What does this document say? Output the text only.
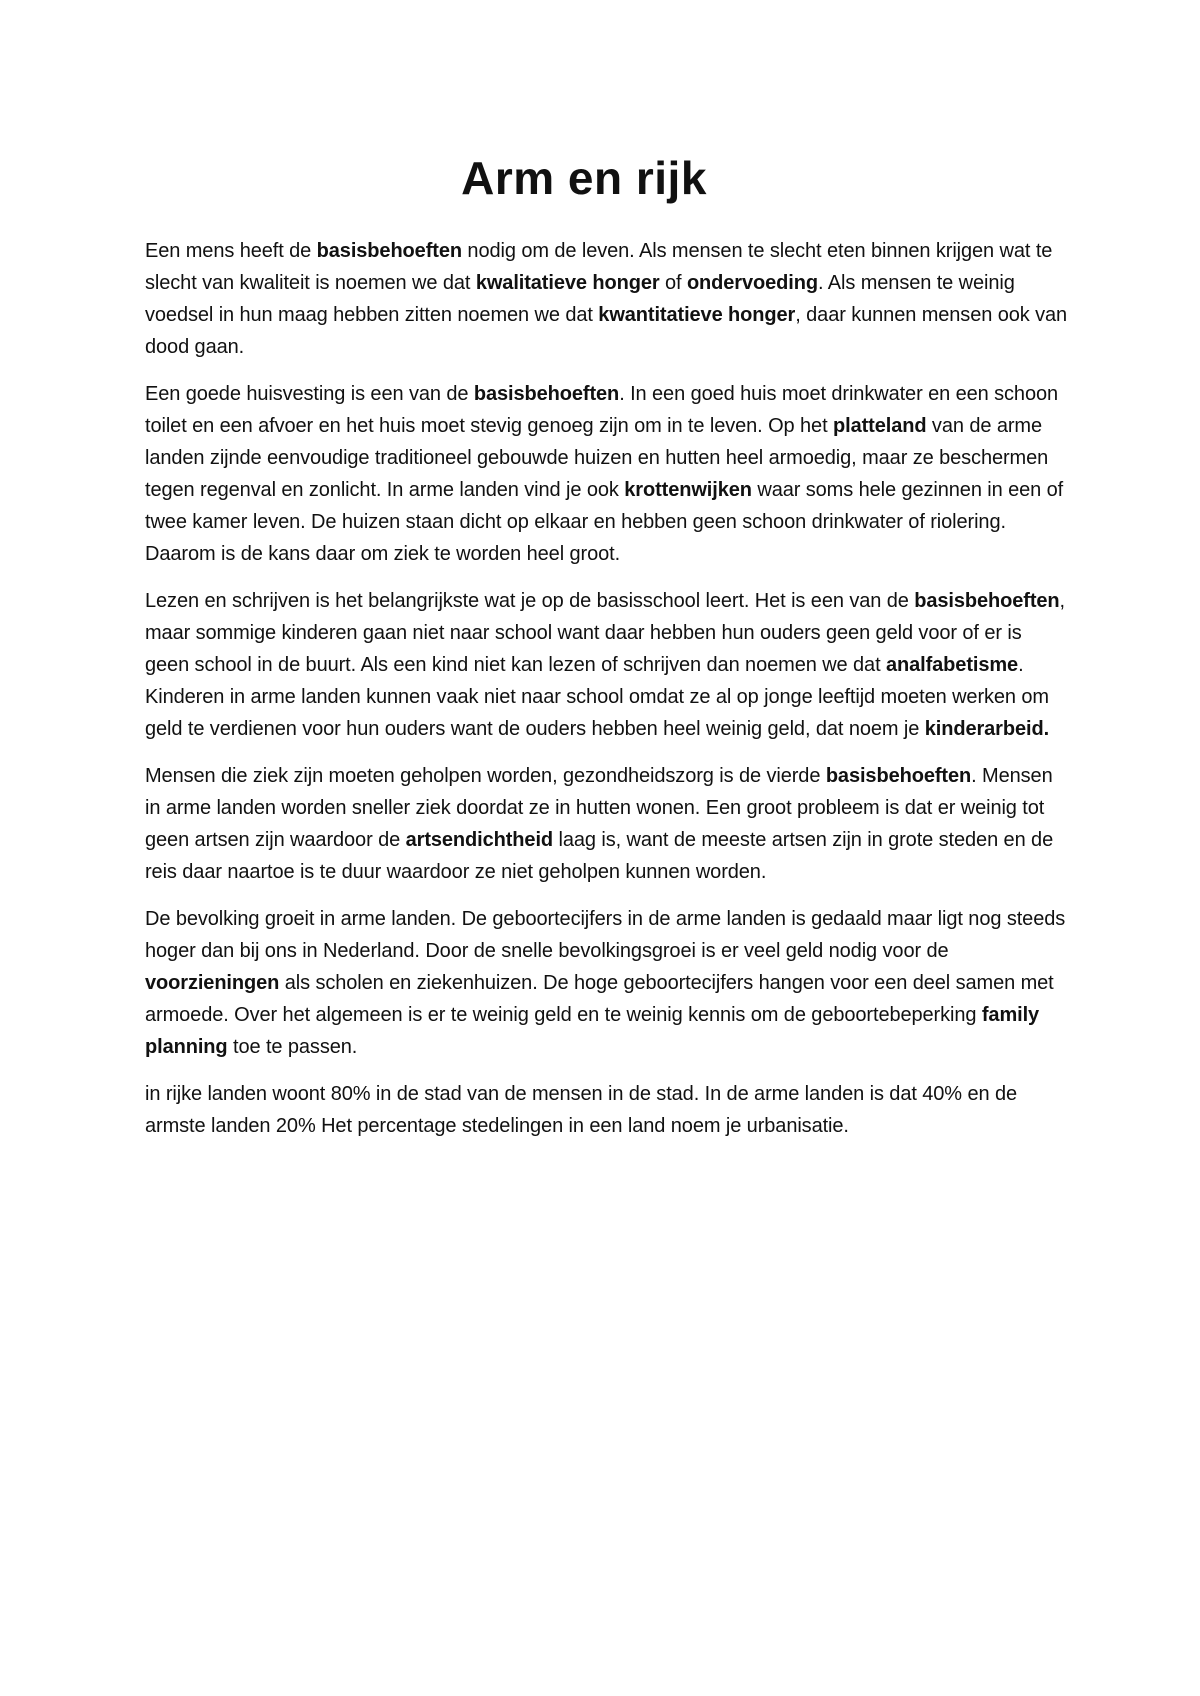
Arm en rijk

Een mens heeft de basisbehoeften nodig om de leven. Als mensen te slecht eten binnen krijgen wat te slecht van kwaliteit is noemen we dat kwalitatieve honger of ondervoeding. Als mensen te weinig voedsel in hun maag hebben zitten noemen we dat kwantitatieve honger, daar kunnen mensen ook van dood gaan.

Een goede huisvesting is een van de basisbehoeften. In een goed huis moet drinkwater en een schoon toilet en een afvoer en het huis moet stevig genoeg zijn om in te leven. Op het platteland van de arme landen zijnde eenvoudige traditioneel gebouwde huizen en hutten heel armoedig, maar ze beschermen tegen regenval en zonlicht. In arme landen vind je ook krottenwijken waar soms hele gezinnen in een of twee kamer leven. De huizen staan dicht op elkaar en hebben geen schoon drinkwater of riolering. Daarom is de kans daar om ziek te worden heel groot.

Lezen en schrijven is het belangrijkste wat je op de basisschool leert. Het is een van de basisbehoeften, maar sommige kinderen gaan niet naar school want daar hebben hun ouders geen geld voor of er is geen school in de buurt. Als een kind niet kan lezen of schrijven dan noemen we dat analfabetisme. Kinderen in arme landen kunnen vaak niet naar school omdat ze al op jonge leeftijd moeten werken om geld te verdienen voor hun ouders want de ouders hebben heel weinig geld, dat noem je kinderarbeid.

Mensen die ziek zijn moeten geholpen worden, gezondheidszorg is de vierde basisbehoeften. Mensen in arme landen worden sneller ziek doordat ze in hutten wonen. Een groot probleem is dat er weinig tot geen artsen zijn waardoor de artsendichtheid laag is, want de meeste artsen zijn in grote steden en de reis daar naartoe is te duur waardoor ze niet geholpen kunnen worden.

De bevolking groeit in arme landen. De geboortecijfers in de arme landen is gedaald maar ligt nog steeds hoger dan bij ons in Nederland. Door de snelle bevolkingsgroei is er veel geld nodig voor de voorzieningen als scholen en ziekenhuizen. De hoge geboortecijfers hangen voor een deel samen met armoede. Over het algemeen is er te weinig geld en te weinig kennis om de geboortebeperking family planning toe te passen.

in rijke landen woont 80% in de stad van de mensen in de stad. In de arme landen is dat 40% en de armste landen 20% Het percentage stedelingen in een land noem je urbanisatie.
